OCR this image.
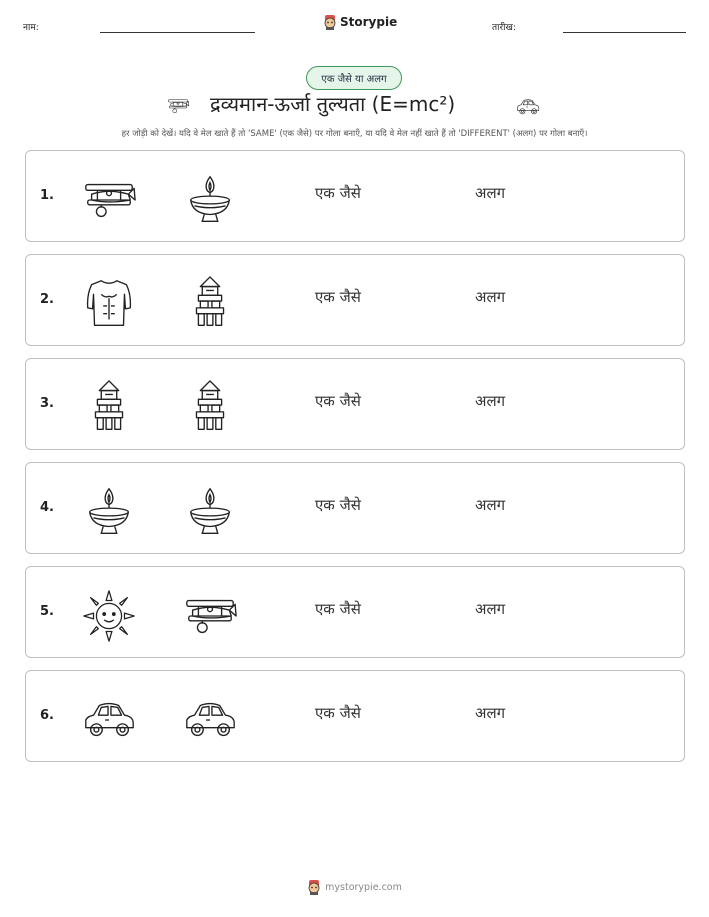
नाम:	Storypie	तारीख:
एक जैसे या अलग
द्रव्यमान-ऊर्जा तुल्यता (E=mc²)
हर जोड़ी को देखें। यदि वे मेल खाते हैं तो 'SAME' (एक जैसे) पर गोला बनाएँ, या यदि वे मेल नहीं खाते हैं तो 'DIFFERENT' (अलग) पर गोला बनाएँ।
1.	एक जैसे	अलग
2.	एक जैसे	अलग
3.	एक जैसे	अलग
4.	एक जैसे	अलग
5.	एक जैसे	अलग
6.	एक जैसे	अलग
mystorypie.com
